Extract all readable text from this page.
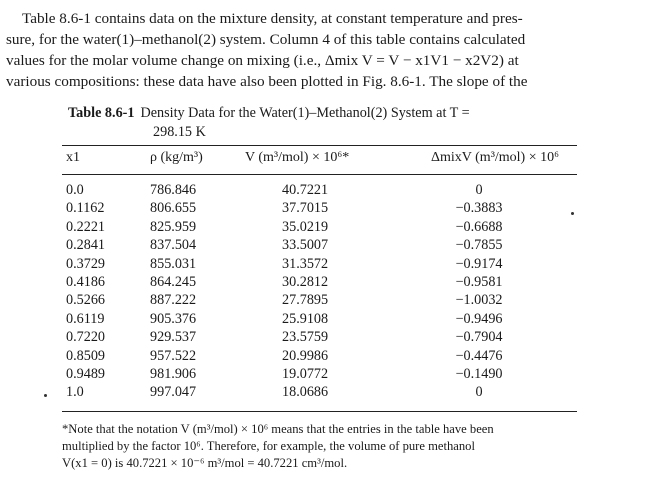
Table 8.6-1 contains data on the mixture density, at constant temperature and pres-
sure, for the water(1)–methanol(2) system. Column 4 of this table contains calculated
values for the molar volume change on mixing (i.e., Δmix V = V − x1V1 − x2V2) at
various compositions: these data have also been plotted in Fig. 8.6-1. The slope of the
Table 8.6-1 Density Data for the Water(1)–Methanol(2) System at T =
298.15 K
x1	ρ (kg/m³)	V (m³/mol) × 10⁶*	ΔmixV (m³/mol) × 10⁶
0.0	786.846	40.7221	0
0.1162	806.655	37.7015	−0.3883
0.2221	825.959	35.0219	−0.6688
0.2841	837.504	33.5007	−0.7855
0.3729	855.031	31.3572	−0.9174
0.4186	864.245	30.2812	−0.9581
0.5266	887.222	27.7895	−1.0032
0.6119	905.376	25.9108	−0.9496
0.7220	929.537	23.5759	−0.7904
0.8509	957.522	20.9986	−0.4476
0.9489	981.906	19.0772	−0.1490
1.0	997.047	18.0686	0
*Note that the notation V (m³/mol) × 10⁶ means that the entries in the table have been
multiplied by the factor 10⁶. Therefore, for example, the volume of pure methanol
V(x1 = 0) is 40.7221 × 10⁻⁶ m³/mol = 40.7221 cm³/mol.
